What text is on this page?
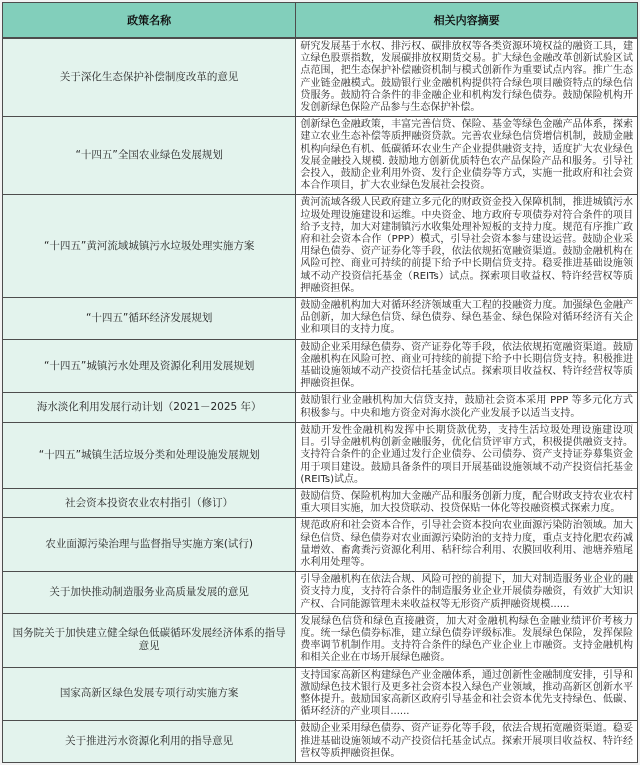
政策名称	相关内容摘要
关于深化生态保护补偿制度改革的意见	研究发展基于水权、排污权、碳排放权等各类资源环境权益的融资工具，建立绿色股票指数，发展碳排放权期货交易。扩大绿色金融改革创新试验区试点范围，把生态保护补偿融资机制与模式创新作为重要试点内容。推广生态产业链金融模式。鼓励银行业金融机构提供符合绿色项目融资特点的绿色信贷服务。鼓励符合条件的非金融企业和机构发行绿色债券。鼓励保险机构开发创新绿色保险产品参与生态保护补偿。
“十四五”全国农业绿色发展规划	创新绿色金融政策，丰富完善信贷、保险、基金等绿色金融产品体系，探索建立农业生态补偿等质押融资贷款。完善农业绿色信贷增信机制，鼓励金融机构向绿色有机、低碳循环农业生产企业提供融资支持，适度扩大农业绿色发展金融投入规模. 鼓励地方创新优质特色农产品保险产品和服务。引导社会投入，鼓励企业利用外资、发行企业债券等方式，实施一批政府和社会资本合作项目，扩大农业绿色发展社会投资。
“十四五”黄河流域城镇污水垃圾处理实施方案	黄河流域各级人民政府建立多元化的财政资金投入保障机制，推进城镇污水垃圾处理设施建设和运维。中央资金、地方政府专项债券对符合条件的项目给予支持，加大对建制镇污水收集处理补短板的支持力度。规范有序推广政府和社会资本合作（PPP）模式，引导社会资本参与建设运营。鼓励企业采用绿色债券、资产证券化等手段，依法依规拓宽融资渠道。鼓励金融机构在风险可控、商业可持续的前提下给予中长期信贷支持。稳妥推进基础设施领域不动产投资信托基金（REITs）试点。探索项目收益权、特许经营权等质押融资担保。
“十四五”循环经济发展规划	鼓励金融机构加大对循环经济领域重大工程的投融资力度。加强绿色金融产品创新，加大绿色信贷、绿色债券、绿色基金、绿色保险对循环经济有关企业和项目的支持力度。
“十四五”城镇污水处理及资源化利用发展规划	鼓励企业采用绿色债券、资产证券化等手段，依法依规拓宽融资渠道。鼓励金融机构在风险可控、商业可持续的前提下给予中长期信贷支持。积极推进基础设施领域不动产投资信托基金试点。探索项目收益权、特许经营权等质押融资担保。
海水淡化利用发展行动计划（2021－2025 年）	鼓励银行业金融机构加大信贷支持，鼓励社会资本采用 PPP 等多元化方式积极参与。中央和地方资金对海水淡化产业发展予以适当支持。
“十四五”城镇生活垃圾分类和处理设施发展规划	鼓励开发性金融机构发挥中长期贷款优势，支持生活垃圾处理设施建设项目。引导金融机构创新金融服务，优化信贷评审方式，积极提供融资支持。支持符合条件的企业通过发行企业债券、公司债券、资产支持证券募集资金用于项目建设。鼓励具备条件的项目开展基础设施领域不动产投资信托基金(REITs)试点。
社会资本投资农业农村指引（修订）	鼓励信贷、保险机构加大金融产品和服务创新力度，配合财政支持农业农村重大项目实施，加大投贷联动、投贷保贴一体化等投融资模式探索力度。
农业面源污染治理与监督指导实施方案(试行)	规范政府和社会资本合作，引导社会资本投向农业面源污染防治领域。加大绿色信贷、绿色债券对农业面源污染防治的支持力度，重点支持化肥农药减量增效、畜禽粪污资源化利用、秸秆综合利用、农膜回收利用、池塘养殖尾水利用处理等。
关于加快推动制造服务业高质量发展的意见	引导金融机构在依法合规、风险可控的前提下，加大对制造服务业企业的融资支持力度，支持符合条件的制造服务业企业开展债券融资，有效扩大知识产权、合同能源管理未来收益权等无形资产质押融资规模......
国务院关于加快建立健全绿色低碳循环发展经济体系的指导意见	发展绿色信贷和绿色直接融资，加大对金融机构绿色金融业绩评价考核力度。统一绿色债券标准，建立绿色债券评级标准。发展绿色保险，发挥保险费率调节机制作用。支持符合条件的绿色产业企业上市融资。支持金融机构和相关企业在市场开展绿色融资。
国家高新区绿色发展专项行动实施方案	支持国家高新区构建绿色产业金融体系，通过创新性金融制度安排，引导和激励绿色技术银行及更多社会资本投入绿色产业领域，推动高新区创新水平整体提升。鼓励国家高新区政府引导基金和社会资本优先支持绿色、低碳、循环经济的产业项目......
关于推进污水资源化利用的指导意见	鼓励企业采用绿色债券、资产证券化等手段，依法合规拓宽融资渠道。稳妥推进基础设施领域不动产投资信托基金试点。探索开展项目收益权、特许经营权等质押融资担保。
